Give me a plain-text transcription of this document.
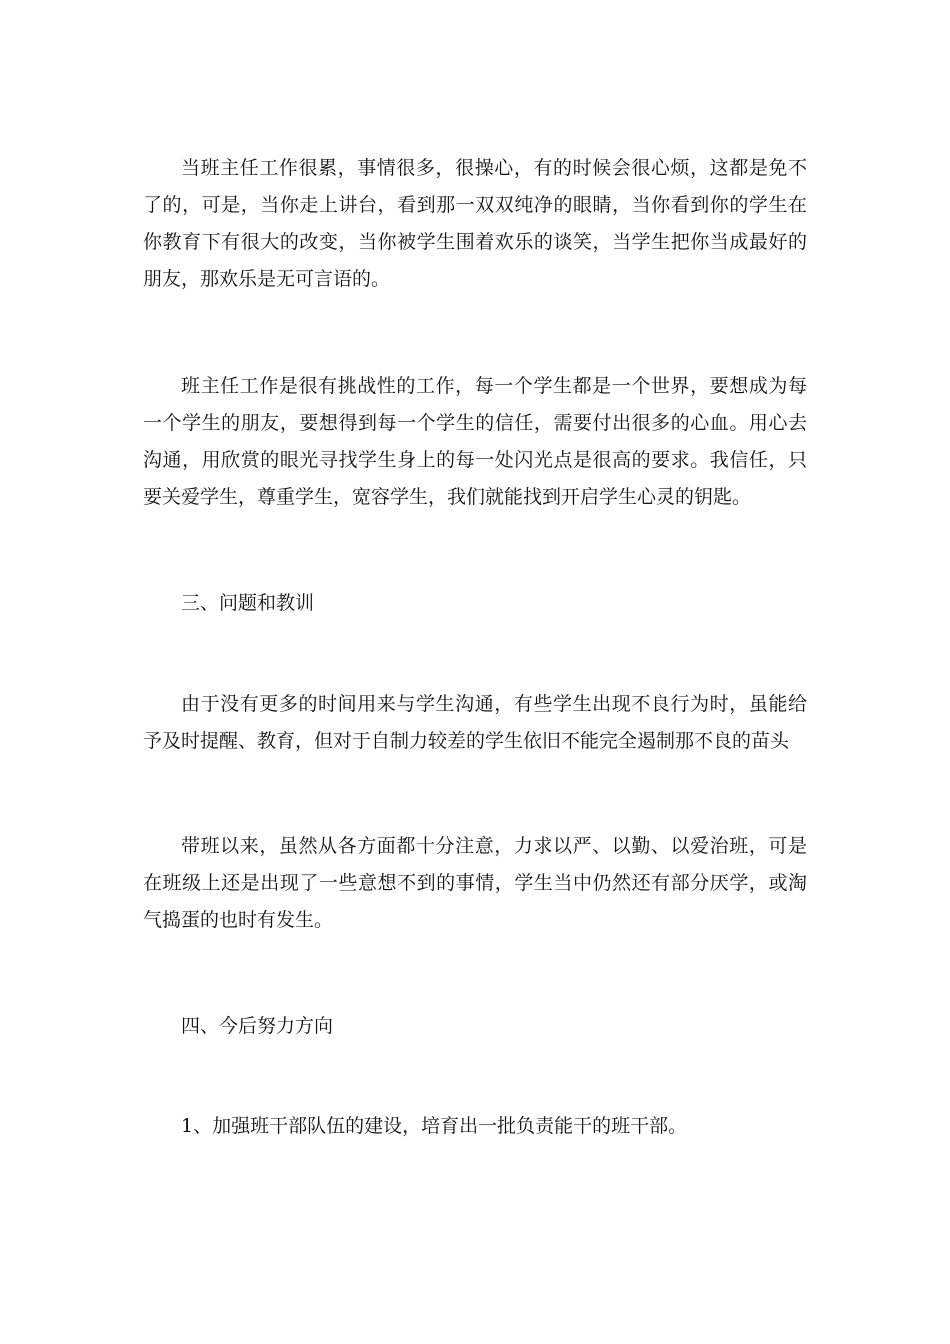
当班主任工作很累，事情很多，很操心，有的时候会很心烦，这都是免不了的，可是，当你走上讲台，看到那一双双纯净的眼睛，当你看到你的学生在你教育下有很大的改变，当你被学生围着欢乐的谈笑，当学生把你当成最好的朋友，那欢乐是无可言语的。

班主任工作是很有挑战性的工作，每一个学生都是一个世界，要想成为每一个学生的朋友，要想得到每一个学生的信任，需要付出很多的心血。用心去沟通，用欣赏的眼光寻找学生身上的每一处闪光点是很高的要求。我信任，只要关爱学生，尊重学生，宽容学生，我们就能找到开启学生心灵的钥匙。

三、问题和教训

由于没有更多的时间用来与学生沟通，有些学生出现不良行为时，虽能给予及时提醒、教育，但对于自制力较差的学生依旧不能完全遏制那不良的苗头

带班以来，虽然从各方面都十分注意，力求以严、以勤、以爱治班，可是在班级上还是出现了一些意想不到的事情，学生当中仍然还有部分厌学，或淘气捣蛋的也时有发生。

四、今后努力方向

1、加强班干部队伍的建设，培育出一批负责能干的班干部。
